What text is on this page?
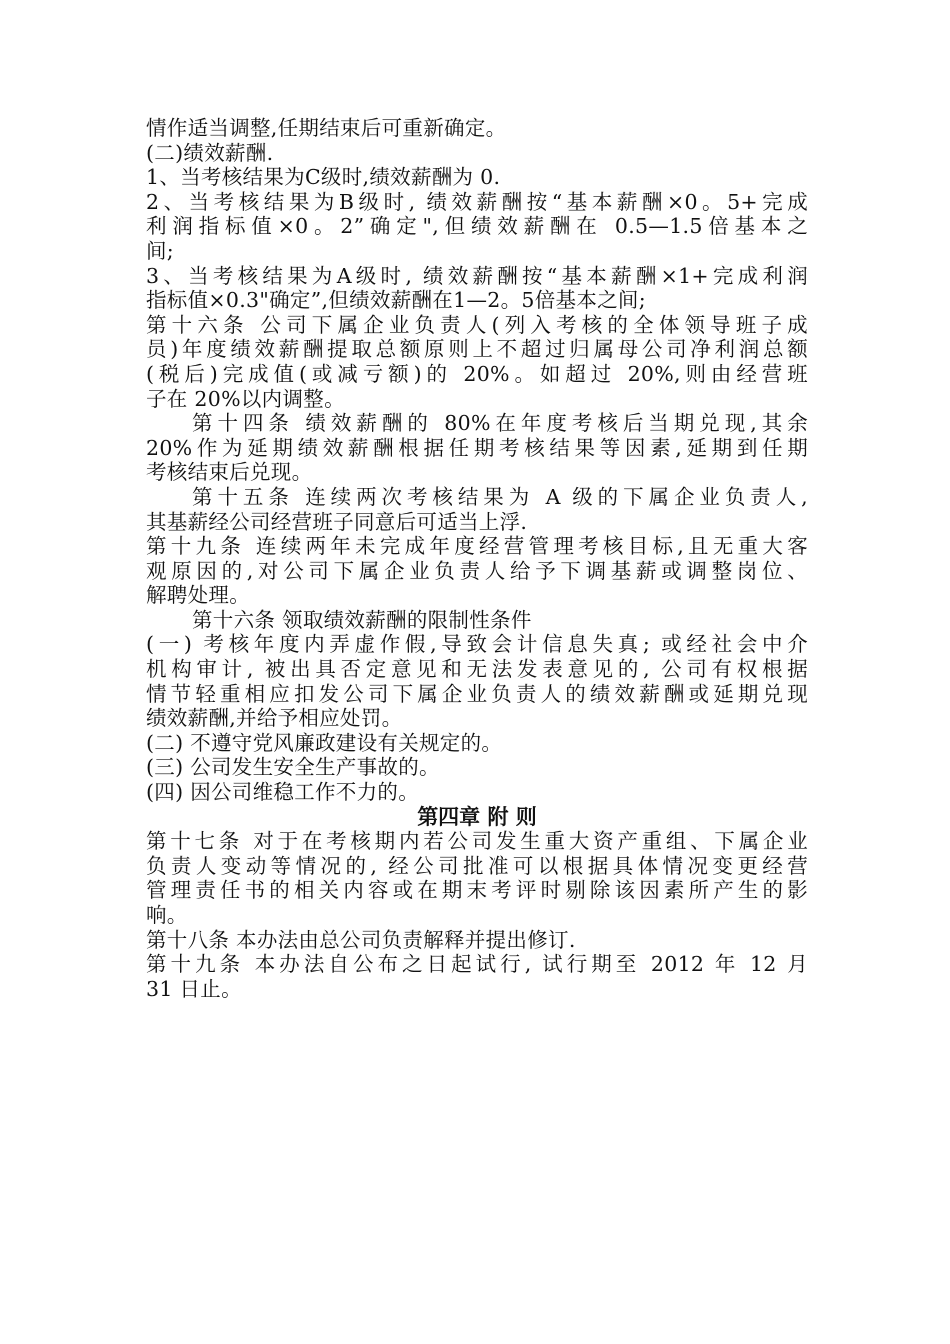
情作适当调整,任期结束后可重新确定。
(二)绩效薪酬.
1、当考核结果为C级时,绩效薪酬为 0.
2、当考核结果为B级时, 绩效薪酬按“基本薪酬×0。5+完成
利润指标值×0。2”确定",但绩效薪酬在 0.5—1.5倍基本之
间;
3、当考核结果为A级时, 绩效薪酬按“基本薪酬×1+完成利润
指标值×0.3"确定”,但绩效薪酬在1—2。5倍基本之间;
第十六条 公司下属企业负责人(列入考核的全体领导班子成
员)年度绩效薪酬提取总额原则上不超过归属母公司净利润总额
(税后)完成值(或减亏额)的 20%。如超过 20%,则由经营班
子在 20%以内调整。
第十四条 绩效薪酬的 80%在年度考核后当期兑现,其余
20%作为延期绩效薪酬根据任期考核结果等因素,延期到任期
考核结束后兑现。
第十五条 连续两次考核结果为 A 级的下属企业负责人,
其基薪经公司经营班子同意后可适当上浮.
第十九条 连续两年未完成年度经营管理考核目标,且无重大客
观原因的,对公司下属企业负责人给予下调基薪或调整岗位、
解聘处理。
第十六条 领取绩效薪酬的限制性条件
(一) 考核年度内弄虚作假,导致会计信息失真; 或经社会中介
机构审计, 被出具否定意见和无法发表意见的, 公司有权根据
情节轻重相应扣发公司下属企业负责人的绩效薪酬或延期兑现
绩效薪酬,并给予相应处罚。
(二) 不遵守党风廉政建设有关规定的。
(三) 公司发生安全生产事故的。
(四) 因公司维稳工作不力的。
第四章 附 则
第十七条 对于在考核期内若公司发生重大资产重组、下属企业
负责人变动等情况的, 经公司批准可以根据具体情况变更经营
管理责任书的相关内容或在期末考评时剔除该因素所产生的影
响。
第十八条 本办法由总公司负责解释并提出修订.
第十九条 本办法自公布之日起试行, 试行期至 2012 年 12 月
31 日止。
